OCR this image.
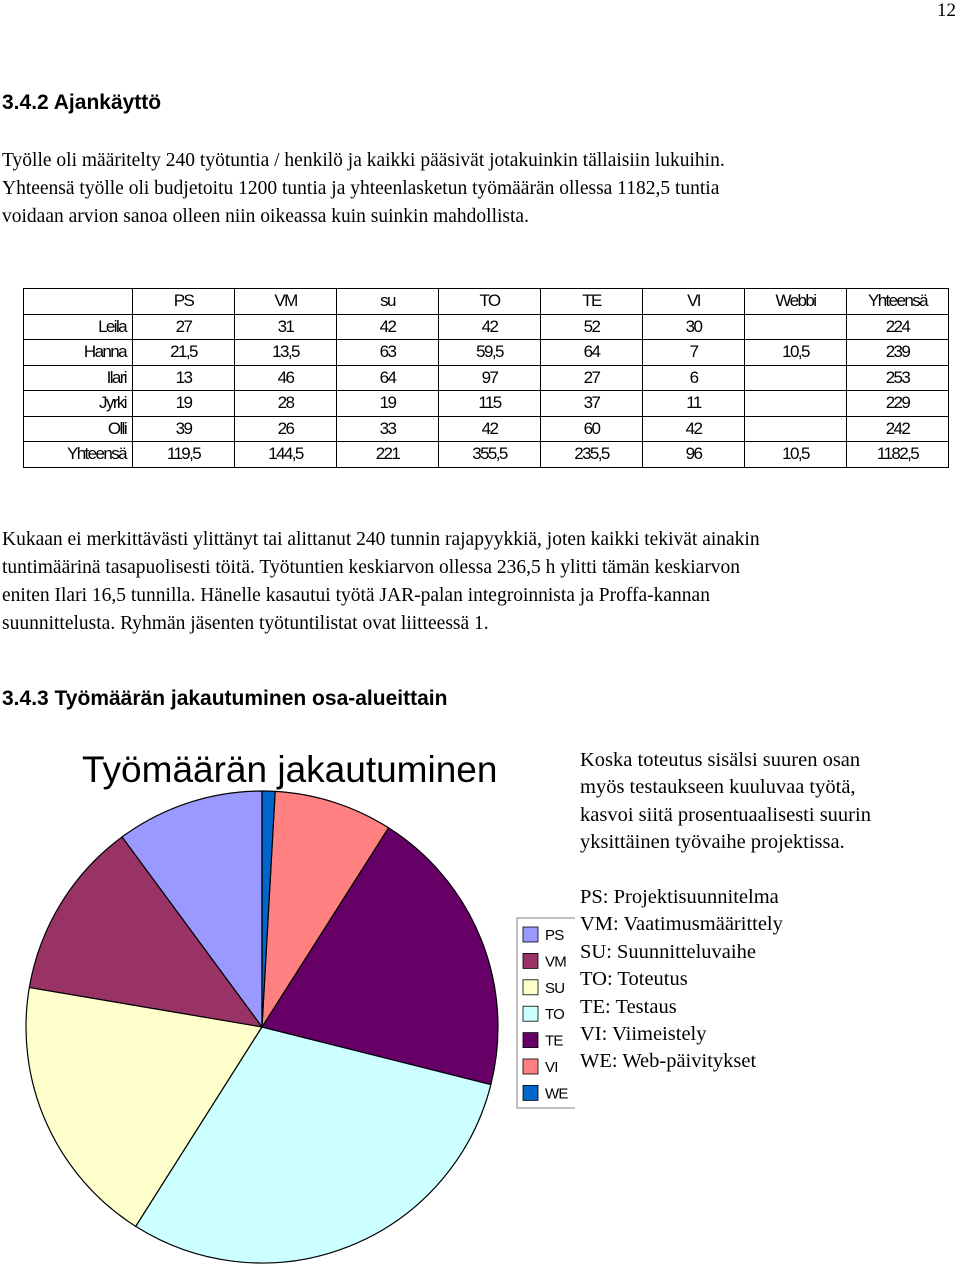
12
3.4.2 Ajankäyttö
Työlle oli määritelty 240 työtuntia / henkilö ja kaikki pääsivät jotakuinkin tällaisiin lukuihin.
Yhteensä työlle oli budjetoitu 1200 tuntia ja yhteenlasketun työmäärän ollessa 1182,5 tuntia
voidaan arvion sanoa olleen niin oikeassa kuin suinkin mahdollista.
	PS	VM	su	TO	TE	VI	Webbi	Yhteensä
Leila	27	31	42	42	52	30		224
Hanna	21,5	13,5	63	59,5	64	7	10,5	239
Ilari	13	46	64	97	27	6		253
Jyrki	19	28	19	115	37	11		229
Olli	39	26	33	42	60	42		242
Yhteensä	119,5	144,5	221	355,5	235,5	96	10,5	1182,5
Kukaan ei merkittävästi ylittänyt tai alittanut 240 tunnin rajapyykkiä, joten kaikki tekivät ainakin
tuntimäärinä tasapuolisesti töitä. Työtuntien keskiarvon ollessa 236,5 h ylitti tämän keskiarvon
eniten Ilari 16,5 tunnilla. Hänelle kasautui työtä JAR-palan integroinnista ja Proffa-kannan
suunnittelusta. Ryhmän jäsenten työtuntilistat ovat liitteessä 1.
3.4.3 Työmäärän jakautuminen osa-alueittain
Työmäärän jakautuminen
PS
VM
SU
TO
TE
VI
WE
Koska toteutus sisälsi suuren osan
myös testaukseen kuuluvaa työtä,
kasvoi siitä prosentuaalisesti suurin
yksittäinen työvaihe projektissa.
PS: Projektisuunnitelma
VM: Vaatimusmäärittely
SU: Suunnitteluvaihe
TO: Toteutus
TE: Testaus
VI: Viimeistely
WE: Web-päivitykset
